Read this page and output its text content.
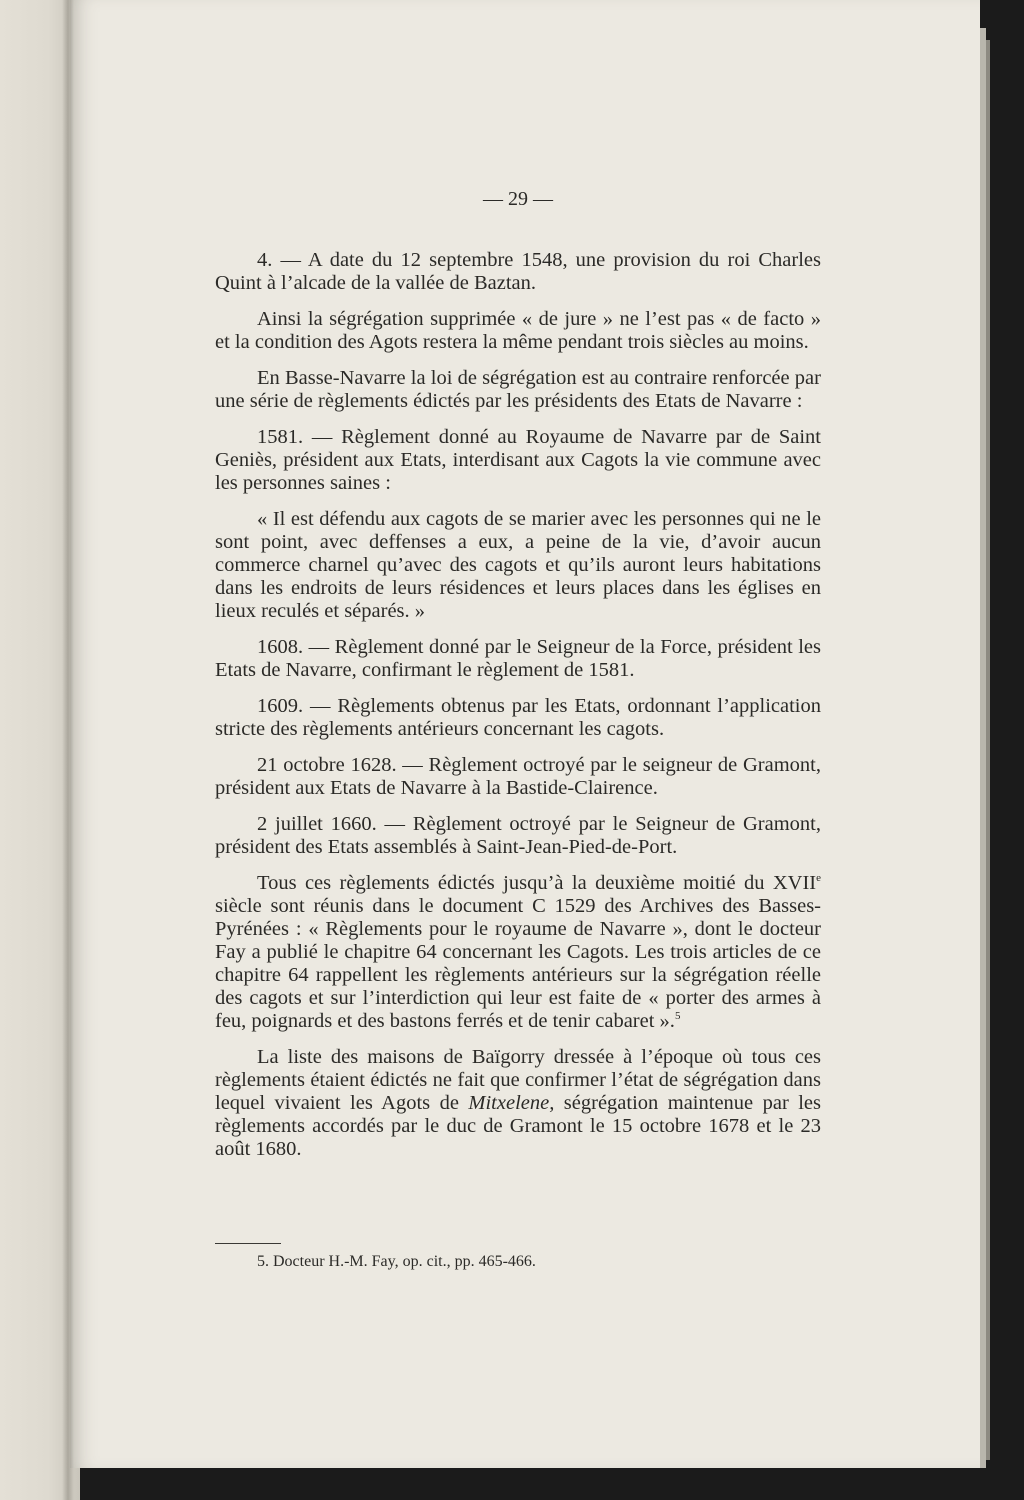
— 29 —

4. — A date du 12 septembre 1548, une provision du roi Charles Quint à l’alcade de la vallée de Baztan.

Ainsi la ségrégation supprimée « de jure » ne l’est pas « de facto » et la condition des Agots restera la même pendant trois siècles au moins.

En Basse-Navarre la loi de ségrégation est au contraire renforcée par une série de règlements édictés par les présidents des Etats de Navarre :

1581. — Règlement donné au Royaume de Navarre par de Saint Geniès, président aux Etats, interdisant aux Cagots la vie commune avec les personnes saines :

« Il est défendu aux cagots de se marier avec les personnes qui ne le sont point, avec deffenses a eux, a peine de la vie, d’avoir aucun commerce charnel qu’avec des cagots et qu’ils auront leurs habitations dans les endroits de leurs résidences et leurs places dans les églises en lieux reculés et séparés. »

1608. — Règlement donné par le Seigneur de la Force, président les Etats de Navarre, confirmant le règlement de 1581.

1609. — Règlements obtenus par les Etats, ordonnant l’application stricte des règlements antérieurs concernant les cagots.

21 octobre 1628. — Règlement octroyé par le seigneur de Gramont, président aux Etats de Navarre à la Bastide-Clairence.

2 juillet 1660. — Règlement octroyé par le Seigneur de Gramont, président des Etats assemblés à Saint-Jean-Pied-de-Port.

Tous ces règlements édictés jusqu’à la deuxième moitié du XVIIe siècle sont réunis dans le document C 1529 des Archives des Basses-Pyrénées : « Règlements pour le royaume de Navarre », dont le docteur Fay a publié le chapitre 64 concernant les Cagots. Les trois articles de ce chapitre 64 rappellent les règlements antérieurs sur la ségrégation réelle des cagots et sur l’interdiction qui leur est faite de « porter des armes à feu, poignards et des bastons ferrés et de tenir cabaret ».$^5$

La liste des maisons de Baïgorry dressée à l’époque où tous ces règlements étaient édictés ne fait que confirmer l’état de ségrégation dans lequel vivaient les Agots de Mitxelene, ségrégation maintenue par les règlements accordés par le duc de Gramont le 15 octobre 1678 et le 23 août 1680.

5. Docteur H.-M. Fay, op. cit., pp. 465-466.
